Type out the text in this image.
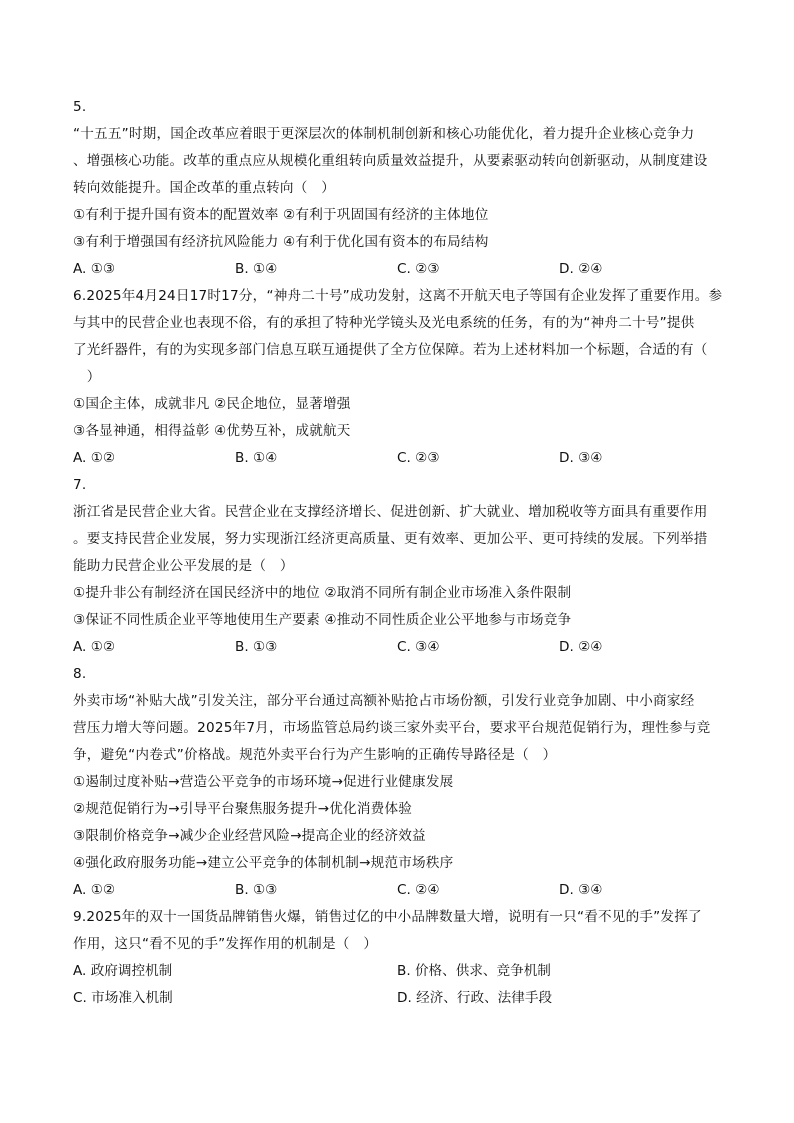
5.
“十五五”时期，国企改革应着眼于更深层次的体制机制创新和核心功能优化，着力提升企业核心竞争力
、增强核心功能。改革的重点应从规模化重组转向质量效益提升，从要素驱动转向创新驱动，从制度建设
转向效能提升。国企改革的重点转向（　）
①有利于提升国有资本的配置效率 ②有利于巩固国有经济的主体地位
③有利于增强国有经济抗风险能力 ④有利于优化国有资本的布局结构
A. ①③	B. ①④	C. ②③	D. ②④
6.2025年4月24日17时17分，“神舟二十号”成功发射，这离不开航天电子等国有企业发挥了重要作用。参
与其中的民营企业也表现不俗，有的承担了特种光学镜头及光电系统的任务，有的为“神舟二十号”提供
了光纤器件，有的为实现多部门信息互联互通提供了全方位保障。若为上述材料加一个标题，合适的有（
　）
①国企主体，成就非凡 ②民企地位，显著增强
③各显神通，相得益彰 ④优势互补，成就航天
A. ①②	B. ①④	C. ②③	D. ③④
7.
浙江省是民营企业大省。民营企业在支撑经济增长、促进创新、扩大就业、增加税收等方面具有重要作用
。要支持民营企业发展，努力实现浙江经济更高质量、更有效率、更加公平、更可持续的发展。下列举措
能助力民营企业公平发展的是（　）
①提升非公有制经济在国民经济中的地位 ②取消不同所有制企业市场准入条件限制
③保证不同性质企业平等地使用生产要素 ④推动不同性质企业公平地参与市场竞争
A. ①②	B. ①③	C. ③④	D. ②④
8.
外卖市场“补贴大战”引发关注，部分平台通过高额补贴抢占市场份额，引发行业竞争加剧、中小商家经
营压力增大等问题。2025年7月，市场监管总局约谈三家外卖平台，要求平台规范促销行为，理性参与竞
争，避免“内卷式”价格战。规范外卖平台行为产生影响的正确传导路径是（　）
①遏制过度补贴→营造公平竞争的市场环境→促进行业健康发展
②规范促销行为→引导平台聚焦服务提升→优化消费体验
③限制价格竞争→减少企业经营风险→提高企业的经济效益
④强化政府服务功能→建立公平竞争的体制机制→规范市场秩序
A. ①②	B. ①③	C. ②④	D. ③④
9.2025年的双十一国货品牌销售火爆，销售过亿的中小品牌数量大增，说明有一只“看不见的手”发挥了
作用，这只“看不见的手”发挥作用的机制是（　）
A. 政府调控机制	B. 价格、供求、竞争机制
C. 市场准入机制	D. 经济、行政、法律手段
